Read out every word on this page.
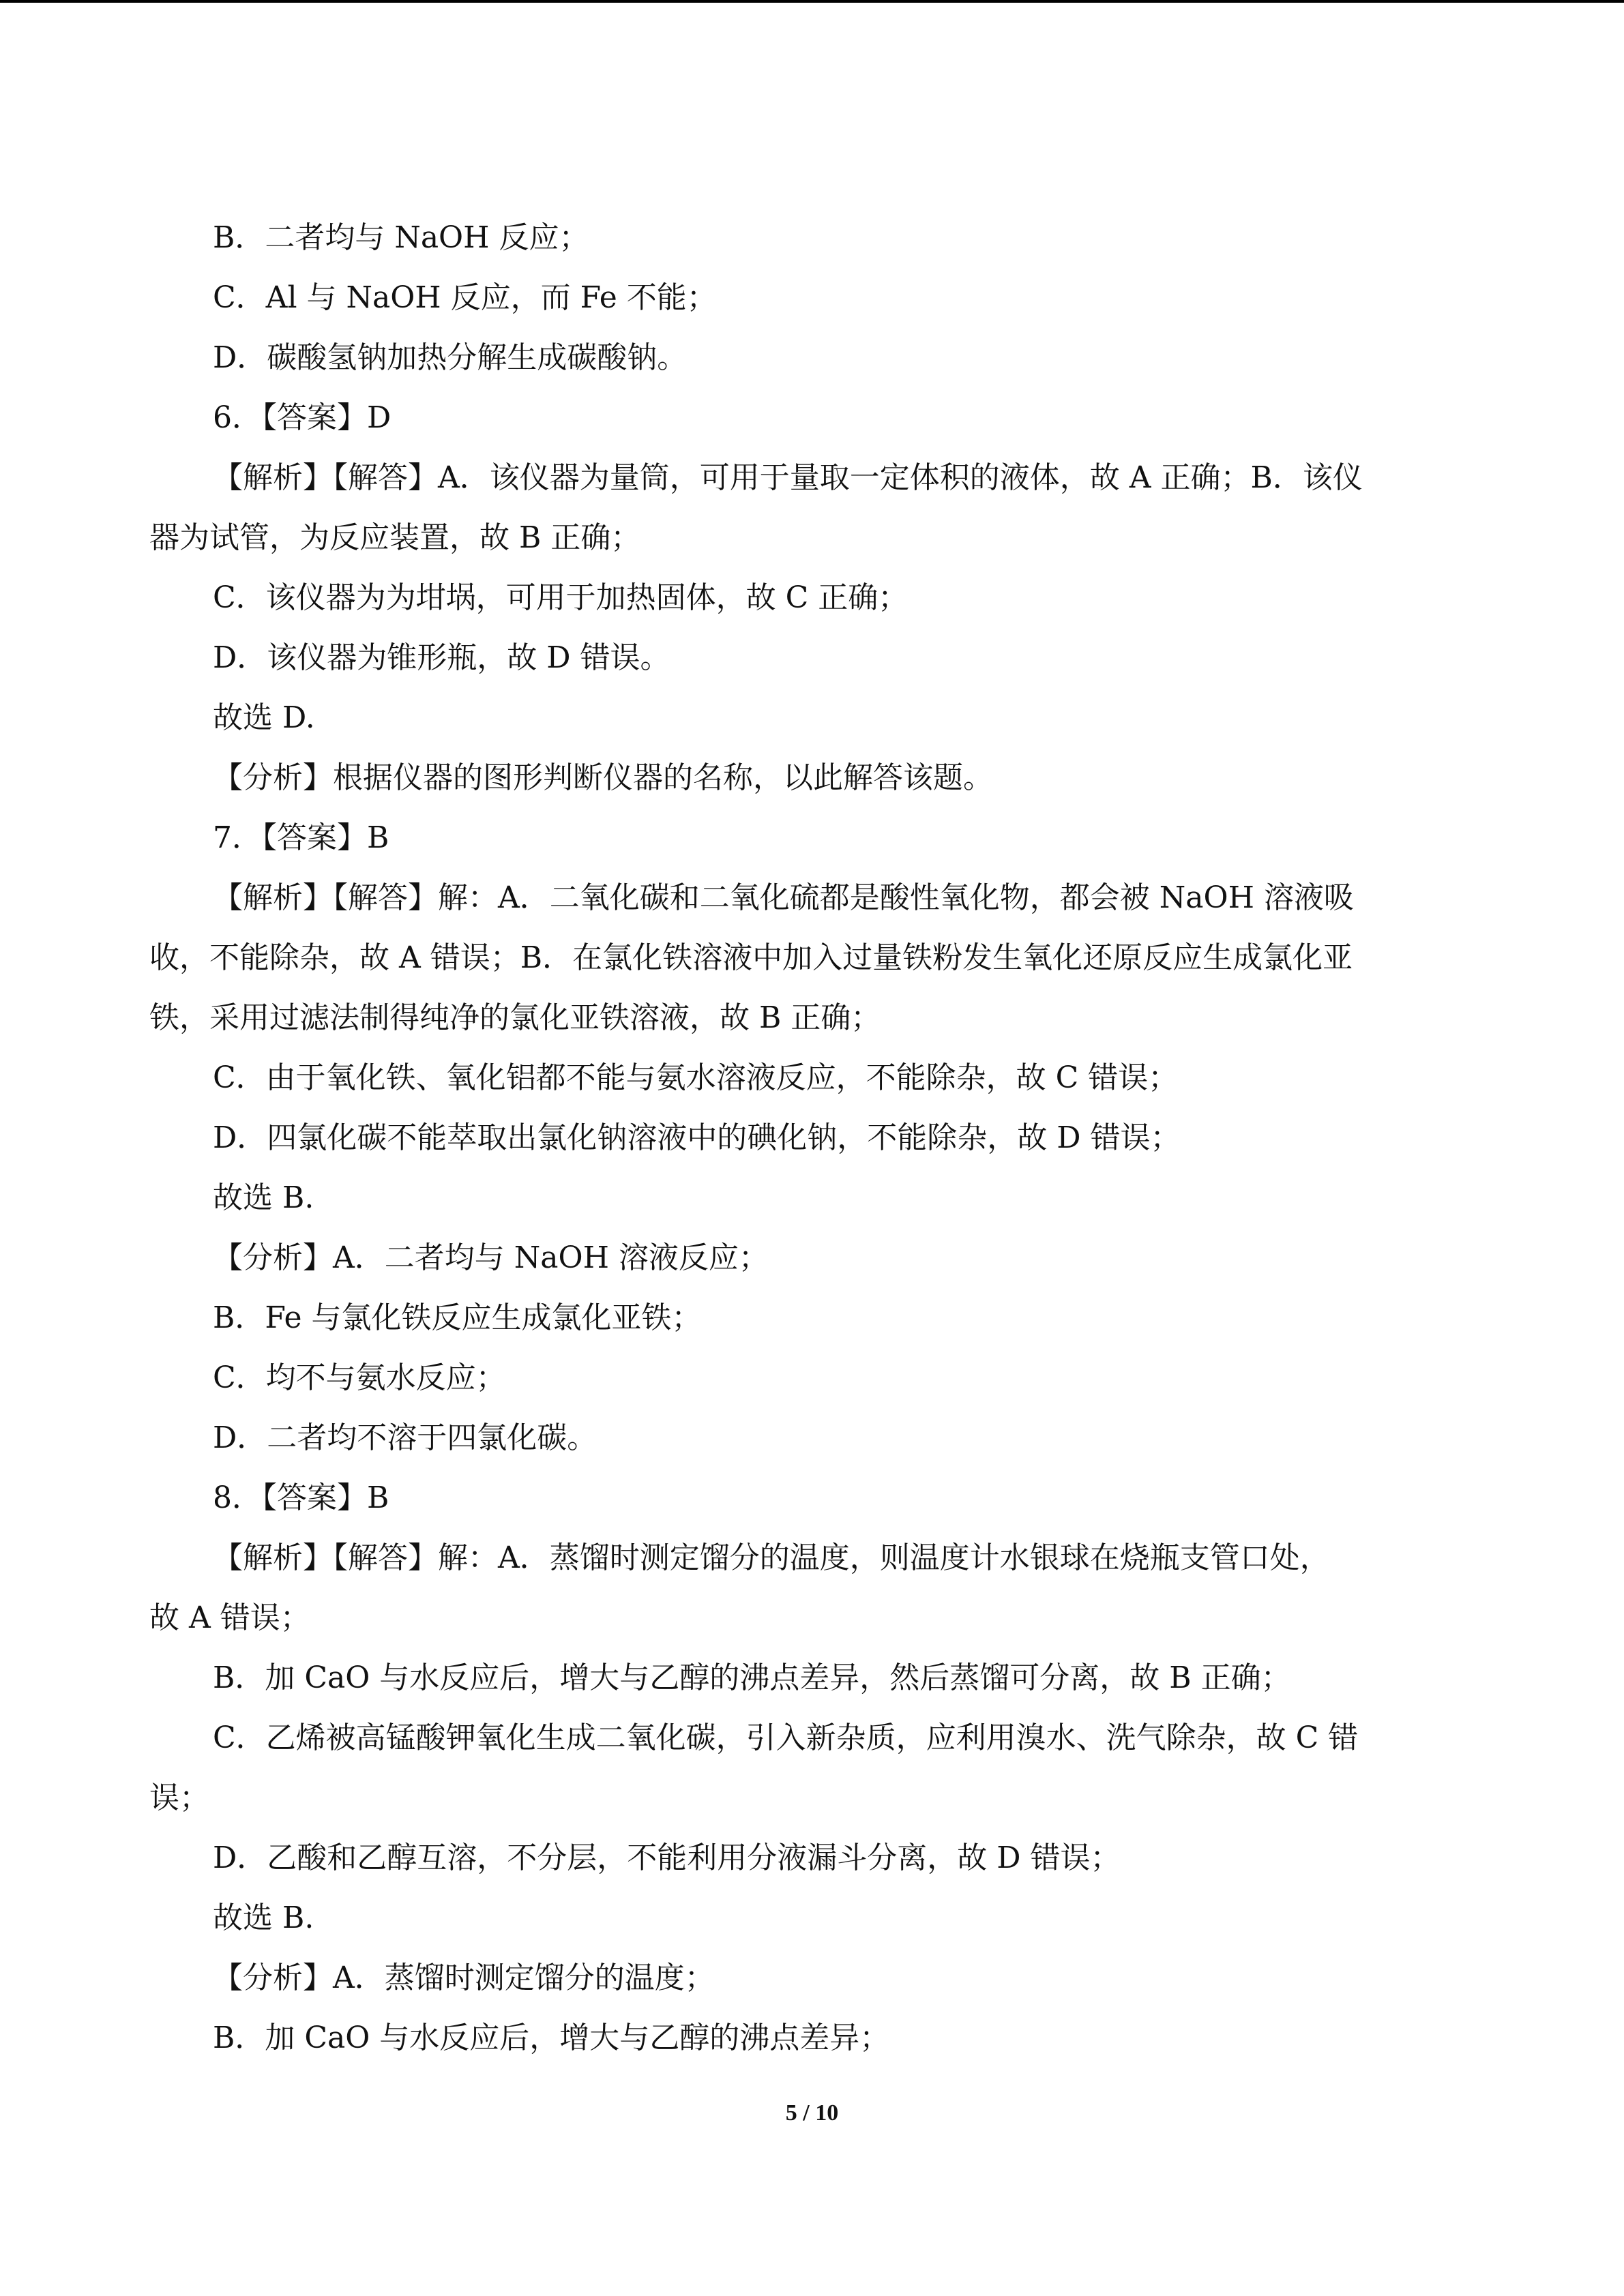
B．二者均与 NaOH 反应；

C．Al 与 NaOH 反应，而 Fe 不能；

D．碳酸氢钠加热分解生成碳酸钠。

6．【答案】D

【解析】【解答】A．该仪器为量筒，可用于量取一定体积的液体，故 A 正确；B．该仪

器为试管，为反应装置，故 B 正确；

C．该仪器为为坩埚，可用于加热固体，故 C 正确；

D．该仪器为锥形瓶，故 D 错误。

故选 D.

【分析】根据仪器的图形判断仪器的名称，以此解答该题。

7．【答案】B

【解析】【解答】解：A．二氧化碳和二氧化硫都是酸性氧化物，都会被 NaOH 溶液吸

收，不能除杂，故 A 错误；B．在氯化铁溶液中加入过量铁粉发生氧化还原反应生成氯化亚

铁，采用过滤法制得纯净的氯化亚铁溶液，故 B 正确；

C．由于氧化铁、氧化铝都不能与氨水溶液反应，不能除杂，故 C 错误；

D．四氯化碳不能萃取出氯化钠溶液中的碘化钠，不能除杂，故 D 错误；

故选 B.

【分析】A．二者均与 NaOH 溶液反应；

B．Fe 与氯化铁反应生成氯化亚铁；

C．均不与氨水反应；

D．二者均不溶于四氯化碳。

8．【答案】B

【解析】【解答】解：A．蒸馏时测定馏分的温度，则温度计水银球在烧瓶支管口处，

故 A 错误；

B．加 CaO 与水反应后，增大与乙醇的沸点差异，然后蒸馏可分离，故 B 正确；

C．乙烯被高锰酸钾氧化生成二氧化碳，引入新杂质，应利用溴水、洗气除杂，故 C 错

误；

D．乙酸和乙醇互溶，不分层，不能利用分液漏斗分离，故 D 错误；

故选 B.

【分析】A．蒸馏时测定馏分的温度；

B．加 CaO 与水反应后，增大与乙醇的沸点差异；

5 / 10
